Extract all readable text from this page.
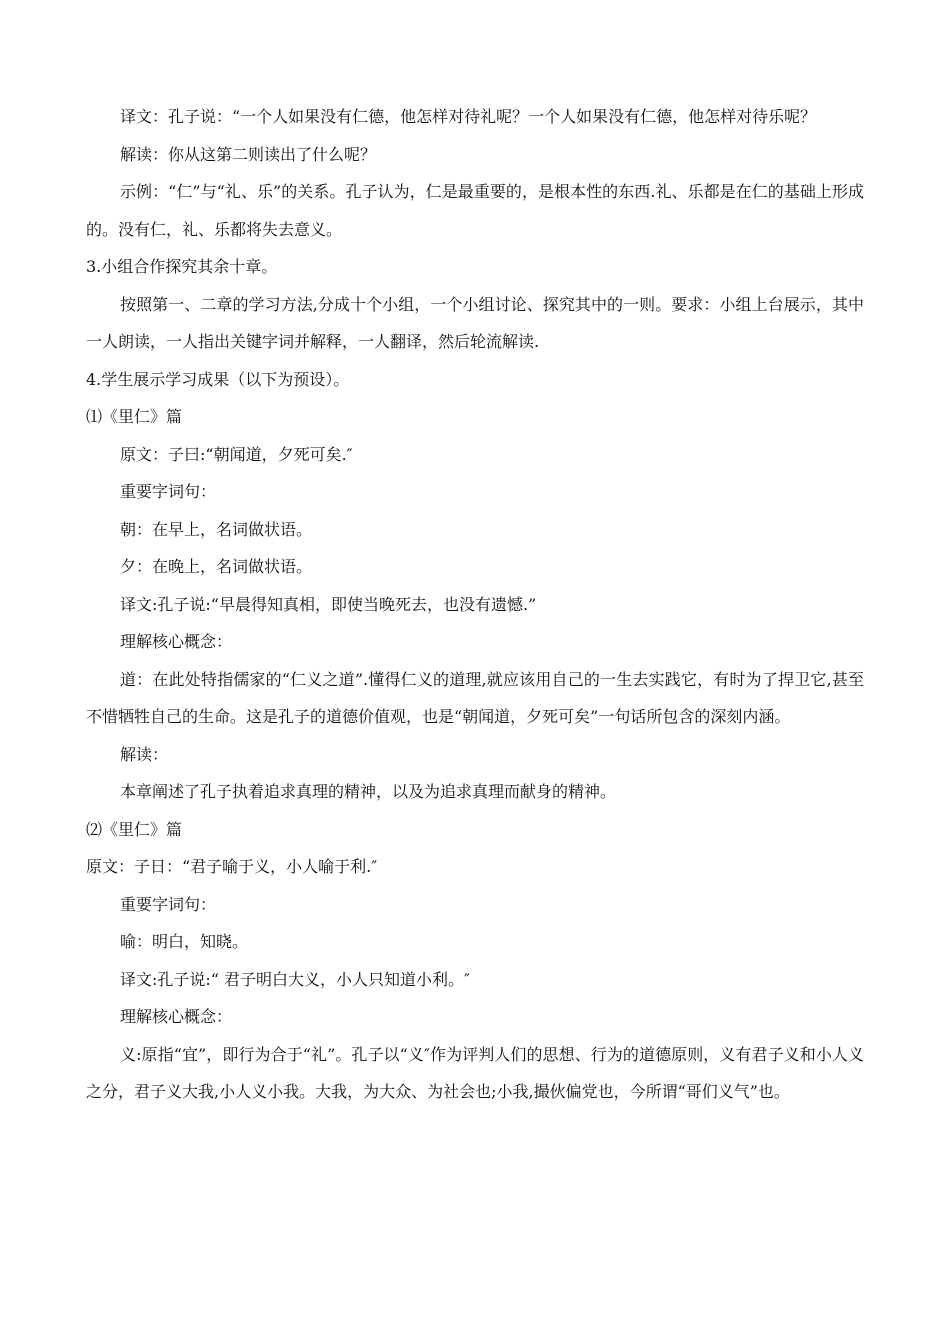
译文：孔子说：“一个人如果没有仁德，他怎样对待礼呢？一个人如果没有仁德，他怎样对待乐呢？

解读：你从这第二则读出了什么呢？

示例：“仁”与“礼、乐”的关系。孔子认为，仁是最重要的，是根本性的东西.礼、乐都是在仁的基础上形成的。没有仁，礼、乐都将失去意义。

3.小组合作探究其余十章。

按照第一、二章的学习方法,分成十个小组，一个小组讨论、探究其中的一则。要求：小组上台展示，其中一人朗读，一人指出关键字词并解释，一人翻译，然后轮流解读.

4.学生展示学习成果（以下为预设）。

⑴《里仁》篇

原文：子曰:“朝闻道，夕死可矣.″

重要字词句：

朝：在早上，名词做状语。

夕：在晚上，名词做状语。

译文:孔子说:“早晨得知真相，即使当晚死去，也没有遗憾.”

理解核心概念：

道：在此处特指儒家的“仁义之道”.懂得仁义的道理,就应该用自己的一生去实践它，有时为了捍卫它,甚至不惜牺牲自己的生命。这是孔子的道德价值观，也是“朝闻道，夕死可矣”一句话所包含的深刻内涵。

解读：

本章阐述了孔子执着追求真理的精神，以及为追求真理而献身的精神。

⑵《里仁》篇

原文：子日：“君子喻于义，小人喻于利.″

重要字词句：

喻：明白，知晓。

译文:孔子说:“ 君子明白大义，小人只知道小利。″

理解核心概念：

义:原指“宜”，即行为合于“礼”。孔子以“义″作为评判人们的思想、行为的道德原则，义有君子义和小人义之分，君子义大我,小人义小我。大我，为大众、为社会也;小我,撮伙偏党也，今所谓“哥们义气”也。
